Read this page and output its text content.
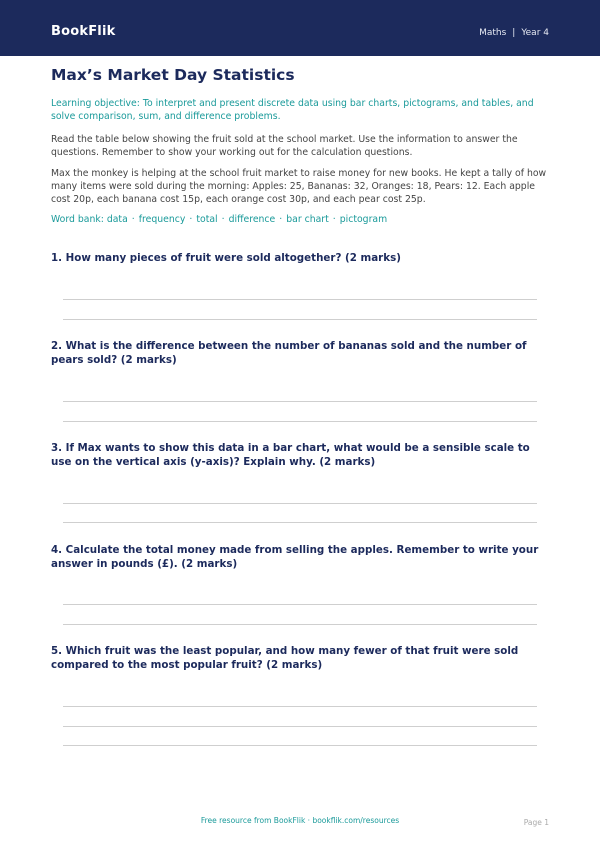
BookFlik	Maths | Year 4
Max’s Market Day Statistics
Learning objective: To interpret and present discrete data using bar charts, pictograms, and tables, and solve comparison, sum, and difference problems.
Read the table below showing the fruit sold at the school market. Use the information to answer the questions. Remember to show your working out for the calculation questions.
Max the monkey is helping at the school fruit market to raise money for new books. He kept a tally of how many items were sold during the morning: Apples: 25, Bananas: 32, Oranges: 18, Pears: 12. Each apple cost 20p, each banana cost 15p, each orange cost 30p, and each pear cost 25p.
Word bank: data · frequency · total · difference · bar chart · pictogram
1. How many pieces of fruit were sold altogether? (2 marks)
2. What is the difference between the number of bananas sold and the number of pears sold? (2 marks)
3. If Max wants to show this data in a bar chart, what would be a sensible scale to use on the vertical axis (y-axis)? Explain why. (2 marks)
4. Calculate the total money made from selling the apples. Remember to write your answer in pounds (£). (2 marks)
5. Which fruit was the least popular, and how many fewer of that fruit were sold compared to the most popular fruit? (2 marks)
Free resource from BookFlik · bookflik.com/resources	Page 1
